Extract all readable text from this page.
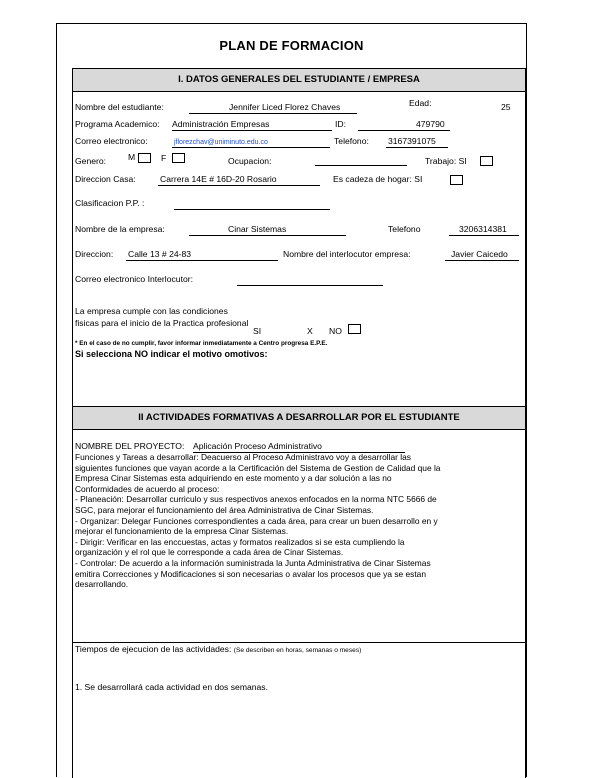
PLAN DE FORMACION
I. DATOS GENERALES DEL ESTUDIANTE / EMPRESA
Nombre del estudiante:	Jennifer Liced Florez Chaves	Edad:	25
Programa Academico: Administración Empresas	ID:	479790
Correo electronico:	jflorezchav@uniminuto.edu.co	Telefono: 3167391075
Genero:	M	F	Ocupacion:	Trabajo: SI
Direccion Casa:	Carrera 14E # 16D-20 Rosario	Es cadeza de hogar: SI
Clasificacion P.P. :
Nombre de la empresa:	Cinar Sistemas	Telefono	3206314381
Direccion: Calle 13 # 24-83	Nombre del interlocutor empresa:	Javier Caicedo
Correo electronico Interlocutor:
La empresa cumple con las condiciones
fisicas para el inicio de la Practica profesional
SI	X NO
* En el caso de no cumplir, favor informar inmediatamente a Centro progresa E.P.E.
Si selecciona NO indicar el motivo omotivos:
II ACTIVIDADES FORMATIVAS A DESARROLLAR POR EL ESTUDIANTE
NOMBRE DEL PROYECTO: Aplicación Proceso Administrativo
Funciones y Tareas a desarrollar: Deacuerso al Proceso Administravo voy a desarrollar las
siguientes funciones que vayan acorde a la Certificación del Sistema de Gestion de Calidad que la
Empresa Cinar Sistemas esta adquiriendo en este momento y a dar solución a las no
Conformidades de acuerdo al proceso:
- Planeación: Desarrollar curriculo y sus respectivos anexos enfocados en la norma NTC 5666 de
SGC, para mejorar el funcionamiento del área Administrativa de Cinar Sistemas.
- Organizar: Delegar Funciones correspondientes a cada área, para crear un buen desarrollo en y
mejorar el funcionamiento de la empresa Cinar Sistemas.
- Dirigir: Verificar en las enccuestas, actas y formatos realizados si se esta cumpliendo la
organización y el rol que le corresponde a cada área de Cinar Sistemas.
- Controlar: De acuerdo a la información suministrada la Junta Administrativa de Cinar Sistemas
emitira Correcciones y Modificaciones si son necesarias o avalar los procesos que ya se estan
desarrollando.
Tiempos de ejecucion de las actividades: (Se describen en horas, semanas o meses)
1. Se desarrollará cada actividad en dos semanas.
